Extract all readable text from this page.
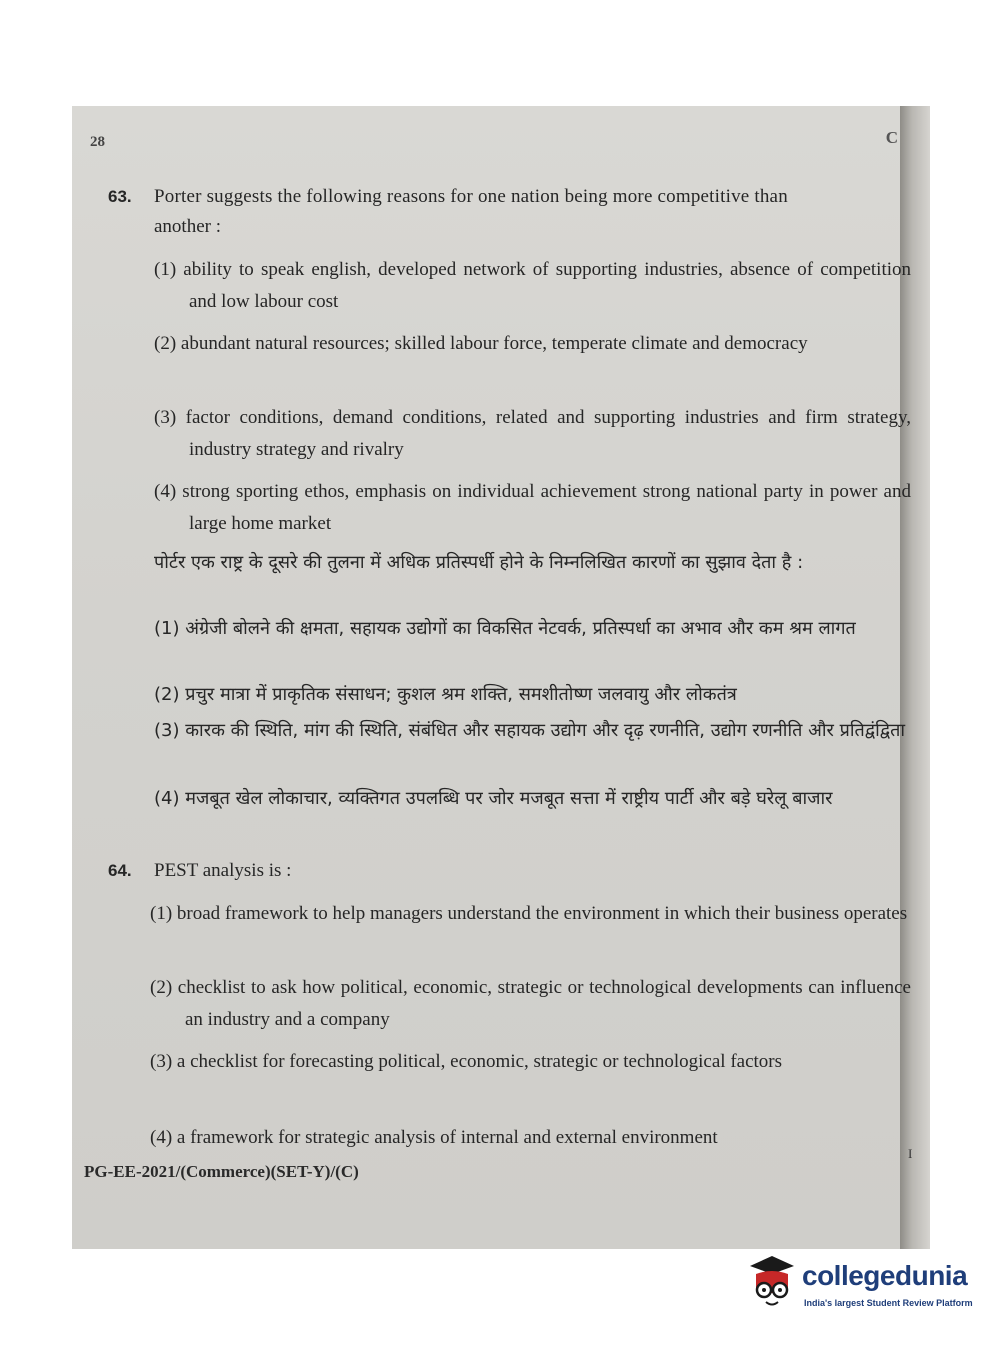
I
28	C
63. Porter suggests the following reasons for one nation being more competitive than
another :
(1) ability to speak english, developed network of supporting industries, absence of competition and low labour cost
(2) abundant natural resources; skilled labour force, temperate climate and democracy
(3) factor conditions, demand conditions, related and supporting industries and firm strategy, industry strategy and rivalry
(4) strong sporting ethos, emphasis on individual achievement strong national party in power and large home market
पोर्टर एक राष्ट्र के दूसरे की तुलना में अधिक प्रतिस्पर्धी होने के निम्नलिखित कारणों का सुझाव देता है :
(1) अंग्रेजी बोलने की क्षमता, सहायक उद्योगों का विकसित नेटवर्क, प्रतिस्पर्धा का अभाव और कम श्रम लागत
(2) प्रचुर मात्रा में प्राकृतिक संसाधन; कुशल श्रम शक्ति, समशीतोष्ण जलवायु और लोकतंत्र
(3) कारक की स्थिति, मांग की स्थिति, संबंधित और सहायक उद्योग और दृढ़ रणनीति, उद्योग रणनीति और प्रतिद्वंद्विता
(4) मजबूत खेल लोकाचार, व्यक्तिगत उपलब्धि पर जोर मजबूत सत्ता में राष्ट्रीय पार्टी और बड़े घरेलू बाजार
64. PEST analysis is :
(1) broad framework to help managers understand the environment in which their business operates
(2) checklist to ask how political, economic, strategic or technological developments can influence an industry and a company
(3) a checklist for forecasting political, economic, strategic or technological factors
(4) a framework for strategic analysis of internal and external environment
PG-EE-2021/(Commerce)(SET-Y)/(C)
collegedunia
India's largest Student Review Platform
